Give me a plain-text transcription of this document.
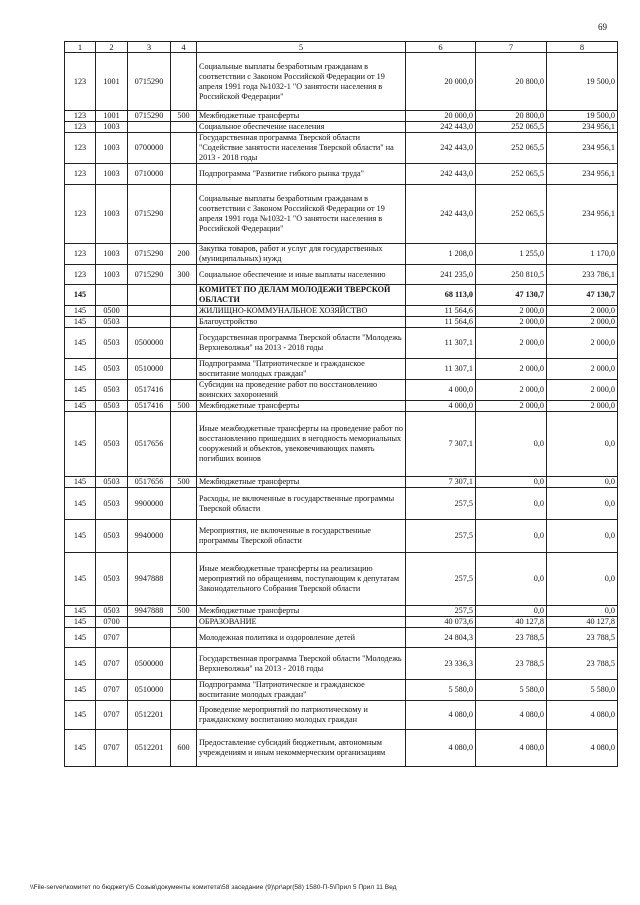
69
1	2	3	4	5	6	7	8
123	1001	0715290		Социальные выплаты безработным гражданам в соответствии с Законом Российской Федерации от 19 апреля 1991 года №1032-1 "О занятости населения в Российской Федерации"	20 000,0	20 800,0	19 500,0
123	1001	0715290	500	Межбюджетные трансферты	20 000,0	20 800,0	19 500,0
123	1003			Социальное обеспечение населения	242 443,0	252 065,5	234 956,1
123	1003	0700000		Государственная программа Тверской области "Содействие занятости населения Тверской области" на 2013 - 2018 годы	242 443,0	252 065,5	234 956,1
123	1003	0710000		Подпрограмма "Развитие гибкого рынка труда"	242 443,0	252 065,5	234 956,1
123	1003	0715290		Социальные выплаты безработным гражданам в соответствии с Законом Российской Федерации от 19 апреля 1991 года №1032-1 "О занятости населения в Российской Федерации"	242 443,0	252 065,5	234 956,1
123	1003	0715290	200	Закупка товаров, работ и услуг для государственных (муниципальных) нужд	1 208,0	1 255,0	1 170,0
123	1003	0715290	300	Социальное обеспечение и иные выплаты населению	241 235,0	250 810,5	233 786,1
145				КОМИТЕТ ПО ДЕЛАМ МОЛОДЕЖИ ТВЕРСКОЙ ОБЛАСТИ	68 113,0	47 130,7	47 130,7
145	0500			ЖИЛИЩНО-КОММУНАЛЬНОЕ ХОЗЯЙСТВО	11 564,6	2 000,0	2 000,0
145	0503			Благоустройство	11 564,6	2 000,0	2 000,0
145	0503	0500000		Государственная программа Тверской области "Молодежь Верхневолжья" на 2013 - 2018 годы	11 307,1	2 000,0	2 000,0
145	0503	0510000		Подпрограмма "Патриотическое и гражданское воспитание молодых граждан"	11 307,1	2 000,0	2 000,0
145	0503	0517416		Субсидии на проведение работ по восстановлению воинских захоронений	4 000,0	2 000,0	2 000,0
145	0503	0517416	500	Межбюджетные трансферты	4 000,0	2 000,0	2 000,0
145	0503	0517656		Иные межбюджетные трансферты на проведение работ по восстановлению пришедших в негодность мемориальных сооружений и объектов, увековечивающих память погибших воинов	7 307,1	0,0	0,0
145	0503	0517656	500	Межбюджетные трансферты	7 307,1	0,0	0,0
145	0503	9900000		Расходы, не включенные в государственные программы Тверской области	257,5	0,0	0,0
145	0503	9940000		Мероприятия, не включенные в государственные программы Тверской области	257,5	0,0	0,0
145	0503	9947888		Иные межбюджетные трансферты на реализацию мероприятий по обращениям, поступающим к депутатам Законодательного Собрания Тверской области	257,5	0,0	0,0
145	0503	9947888	500	Межбюджетные трансферты	257,5	0,0	0,0
145	0700			ОБРАЗОВАНИЕ	40 073,6	40 127,8	40 127,8
145	0707			Молодежная политика и оздоровление детей	24 804,3	23 788,5	23 788,5
145	0707	0500000		Государственная программа Тверской области "Молодежь Верхневолжья" на 2013 - 2018 годы	23 336,3	23 788,5	23 788,5
145	0707	0510000		Подпрограмма "Патриотическое и гражданское воспитание молодых граждан"	5 580,0	5 580,0	5 580,0
145	0707	0512201		Проведение мероприятий по патриотическому и гражданскому воспитанию молодых граждан	4 080,0	4 080,0	4 080,0
145	0707	0512201	600	Предоставление субсидий бюджетным, автономным учреждениям и иным некоммерческим организациям	4 080,0	4 080,0	4 080,0
\\File-server\комитет по бюджету\5 Созыв\документы комитета\58 заседание (9)\pr\apr(58) 1580-П-5\Прил 5 Прил 11 Вед
